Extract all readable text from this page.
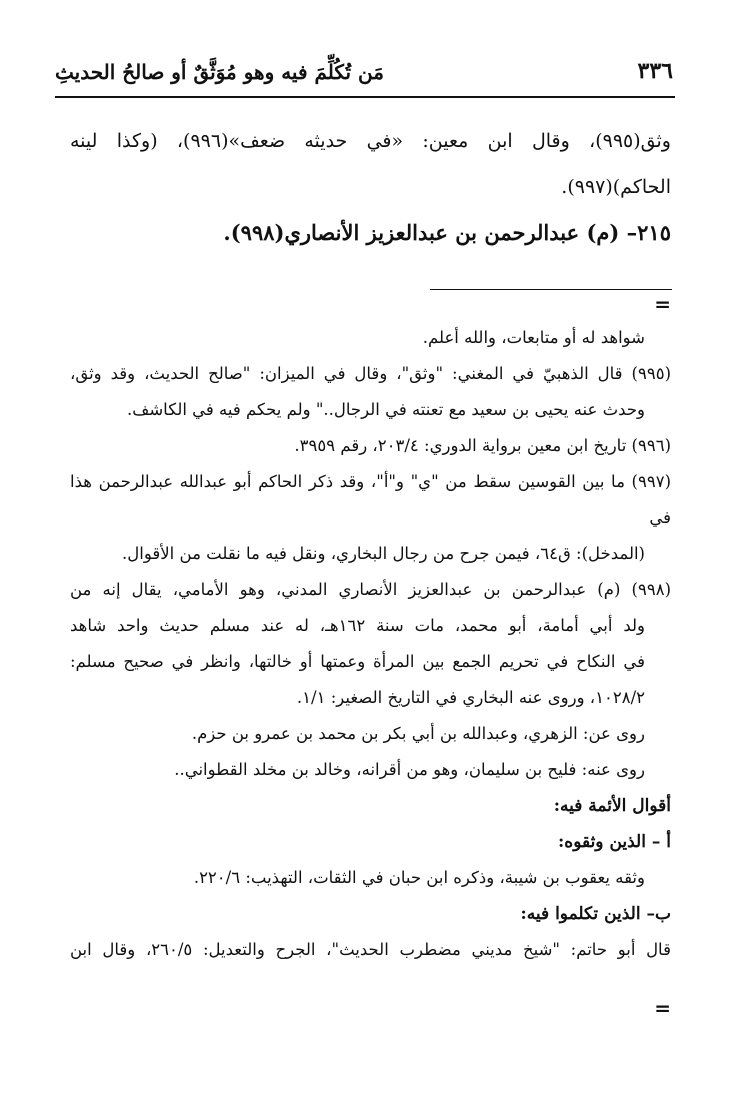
٣٣٦
مَن تُكُلِّمَ فيه وهو مُوَثَّقٌ أو صالحُ الحديثِ

وثق(٩٩٥)، وقال ابن معين: «في حديثه ضعف»(٩٩٦)، (وكذا لينه

الحاكم)(٩٩٧).

٢١٥– (م) عبدالرحمن بن عبدالعزيز الأنصاري(٩٩٨).
=

شواهد له أو متابعات، والله أعلم.

(٩٩٥) قال الذهبيّ في المغني: "وثق"، وقال في الميزان: "صالح الحديث، وقد وثق،

وحدث عنه يحيى بن سعيد مع تعنته في الرجال.." ولم يحكم فيه في الكاشف.

(٩٩٦) تاريخ ابن معين برواية الدوري: ٢٠٣/٤، رقم ٣٩٥٩.

(٩٩٧) ما بين القوسين سقط من "ي" و"أ"، وقد ذكر الحاكم أبو عبدالله عبدالرحمن هذا في

(المدخل): ق٦٤، فيمن جرح من رجال البخاري، ونقل فيه ما نقلت من الأقوال.

(٩٩٨) (م) عبدالرحمن بن عبدالعزيز الأنصاري المدني، وهو الأمامي، يقال إنه من

ولد أبي أمامة، أبو محمد، مات سنة ١٦٢هـ، له عند مسلم حديث واحد شاهد

في النكاح في تحريم الجمع بين المرأة وعمتها أو خالتها، وانظر في صحيح مسلم:

١٠٢٨/٢، وروى عنه البخاري في التاريخ الصغير: ١/١.

روى عن: الزهري، وعبدالله بن أبي بكر بن محمد بن عمرو بن حزم.

روى عنه: فليح بن سليمان، وهو من أقرانه، وخالد بن مخلد القطواني..

أقوال الأئمة فيه:

أ – الذين وثقوه:

وثقه يعقوب بن شيبة، وذكره ابن حبان في الثقات، التهذيب: ٢٢٠/٦.

ب– الذين تكلموا فيه:

قال أبو حاتم: "شيخ مديني مضطرب الحديث"، الجرح والتعديل: ٢٦٠/٥، وقال ابن

=
